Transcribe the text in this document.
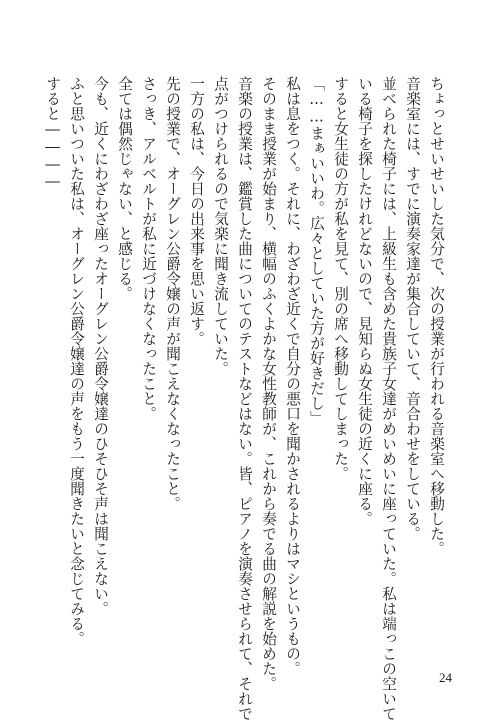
ちょっとせいせいした気分で、次の授業が行われる音楽室へ移動した。

音楽室には、すでに演奏家達が集合していて、音合わせをしている。

並べられた椅子には、上級生も含めた貴族子女達がめいめいに座っていた。私は端っこの空いて

いる椅子を探したけれどないので、見知らぬ女生徒の近くに座る。

すると女生徒の方が私を見て、別の席へ移動してしまった。

「……まぁいいわ。広々としていた方が好きだし」

私は息をつく。それに、わざわざ近くで自分の悪口を聞かされるよりはマシというもの。

そのまま授業が始まり、横幅のふくよかな女性教師が、これから奏でる曲の解説を始めた。

音楽の授業は、鑑賞した曲についてのテストなどはない。皆、ピアノを演奏させられて、それで

点がつけられるので気楽に聞き流していた。

一方の私は、今日の出来事を思い返す。

先の授業で、オーグレン公爵令嬢の声が聞こえなくなったこと。

さっき、アルベルトが私に近づけなくなったこと。

全ては偶然じゃない、と感じる。

今も、近くにわざわざ座ったオーグレン公爵令嬢達のひそひそ声は聞こえない。

ふと思いついた私は、オーグレン公爵令嬢達の声をもう一度聞きたいと念じてみる。

すると――――

24
